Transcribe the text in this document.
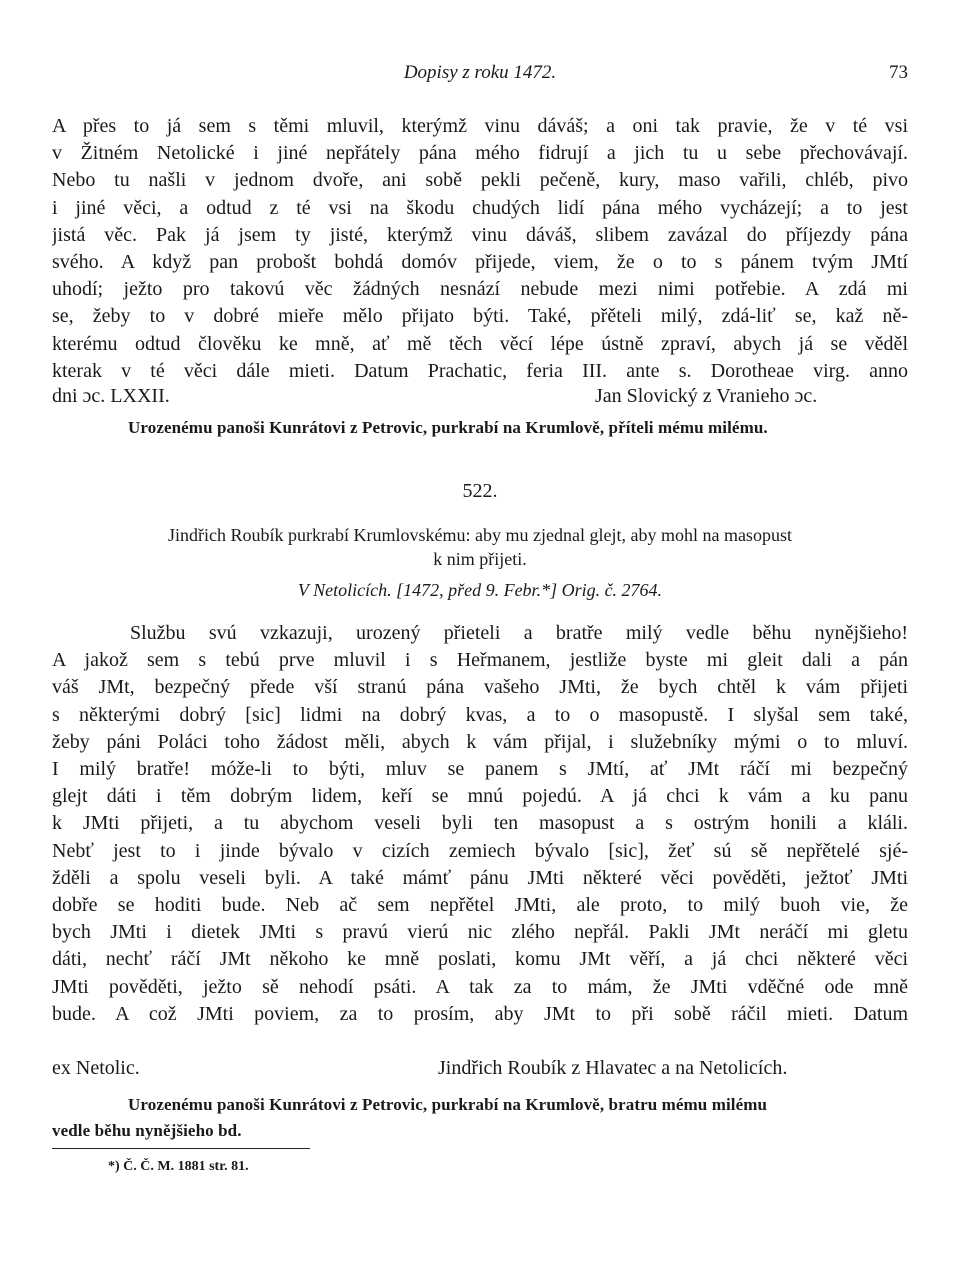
Dopisy z roku 1472.	73
A přes to já sem s těmi mluvil, kterýmž vinu dáváš; a oni tak pravie, že v té vsi
v Žitném Netolické i jiné nepřátely pána mého fidrují a jich tu u sebe přechovávají.
Nebo tu našli v jednom dvoře, ani sobě pekli pečeně, kury, maso vařili, chléb, pivo
i jiné věci, a odtud z té vsi na škodu chudých lidí pána mého vycházejí; a to jest
jistá věc. Pak já jsem ty jisté, kterýmž vinu dáváš, slibem zavázal do příjezdy pána
svého. A když pan probošt bohdá domóv přijede, viem, že o to s pánem tvým JMtí
uhodí; ježto pro takovú věc žádných nesnází nebude mezi nimi potřebie. A zdá mi
se, žeby to v dobré mieře mělo přijato býti. Také, přěteli milý, zdá-liť se, kaž ně-
kterému odtud člověku ke mně, ať mě těch věcí lépe ústně zpraví, abych já se věděl
kterak v té věci dále mieti. Datum Prachatic, feria III. ante s. Dorotheae virg. anno
dni ɔc. LXXII.	Jan Slovický z Vranieho ɔc.
Urozenému panoši Kunrátovi z Petrovic, purkrabí na Krumlově, příteli mému milému.
522.
Jindřich Roubík purkrabí Krumlovskému: aby mu zjednal glejt, aby mohl na masopust
k nim přijeti.
V Netolicích. [1472, před 9. Febr.*] Orig. č. 2764.
Službu svú vzkazuji, urozený přieteli a bratře milý vedle běhu nynějšieho!
A jakož sem s tebú prve mluvil i s Heřmanem, jestliže byste mi gleit dali a pán
váš JMt, bezpečný přede vší stranú pána vašeho JMti, že bych chtěl k vám přijeti
s některými dobrý [sic] lidmi na dobrý kvas, a to o masopustě. I slyšal sem také,
žeby páni Poláci toho žádost měli, abych k vám přijal, i služebníky mými o to mluví.
I milý bratře! móže-li to býti, mluv se panem s JMtí, ať JMt ráčí mi bezpečný
glejt dáti i těm dobrým lidem, keří se mnú pojedú. A já chci k vám a ku panu
k JMti přijeti, a tu abychom veseli byli ten masopust a s ostrým honili a kláli.
Nebť jest to i jinde bývalo v cizích zemiech bývalo [sic], žeť sú sě nepřětelé sjé-
žděli a spolu veseli byli. A také mámť pánu JMti některé věci pověděti, ježtoť JMti
dobře se hoditi bude. Neb ač sem nepřětel JMti, ale proto, to milý buoh vie, že
bych JMti i dietek JMti s pravú vierú nic zlého nepřál. Pakli JMt neráčí mi gletu
dáti, nechť ráčí JMt někoho ke mně poslati, komu JMt věří, a já chci některé věci
JMti pověděti, ježto sě nehodí psáti. A tak za to mám, že JMti vděčné ode mně
bude. A což JMti poviem, za to prosím, aby JMt to při sobě ráčil mieti. Datum
ex Netolic.	Jindřich Roubík z Hlavatec a na Netolicích.
Urozenému panoši Kunrátovi z Petrovic, purkrabí na Krumlově, bratru mému milému
vedle běhu nynějšieho bd.
*) Č. Č. M. 1881 str. 81.
